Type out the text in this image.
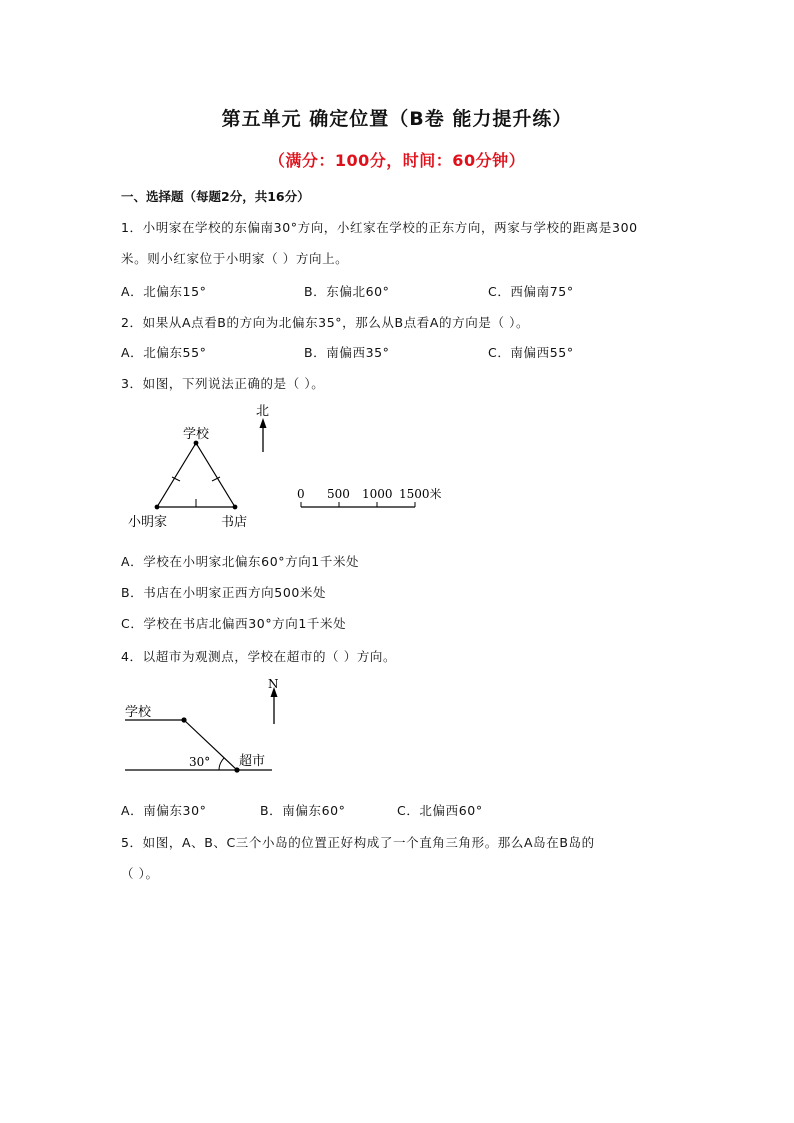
第五单元 确定位置（B卷 能力提升练）
（满分：100分，时间：60分钟）
一、选择题（每题2分，共16分）
1．小明家在学校的东偏南30°方向，小红家在学校的正东方向，两家与学校的距离是300
米。则小红家位于小明家（ ）方向上。
A．北偏东15°	B．东偏北60°	C．西偏南75°
2．如果从A点看B的方向为北偏东35°，那么从B点看A的方向是（ ）。
A．北偏东55°	B．南偏西35°	C．南偏西55°
3．如图，下列说法正确的是（ ）。
北
学校
小明家	书店
0 500 1000 1500米
N
学校
超市
30°
A．学校在小明家北偏东60°方向1千米处
B．书店在小明家正西方向500米处
C．学校在书店北偏西30°方向1千米处
4．以超市为观测点，学校在超市的（ ）方向。
A．南偏东30°	B．南偏东60°	C．北偏西60°
5．如图，A、B、C三个小岛的位置正好构成了一个直角三角形。那么A岛在B岛的
（ ）。
